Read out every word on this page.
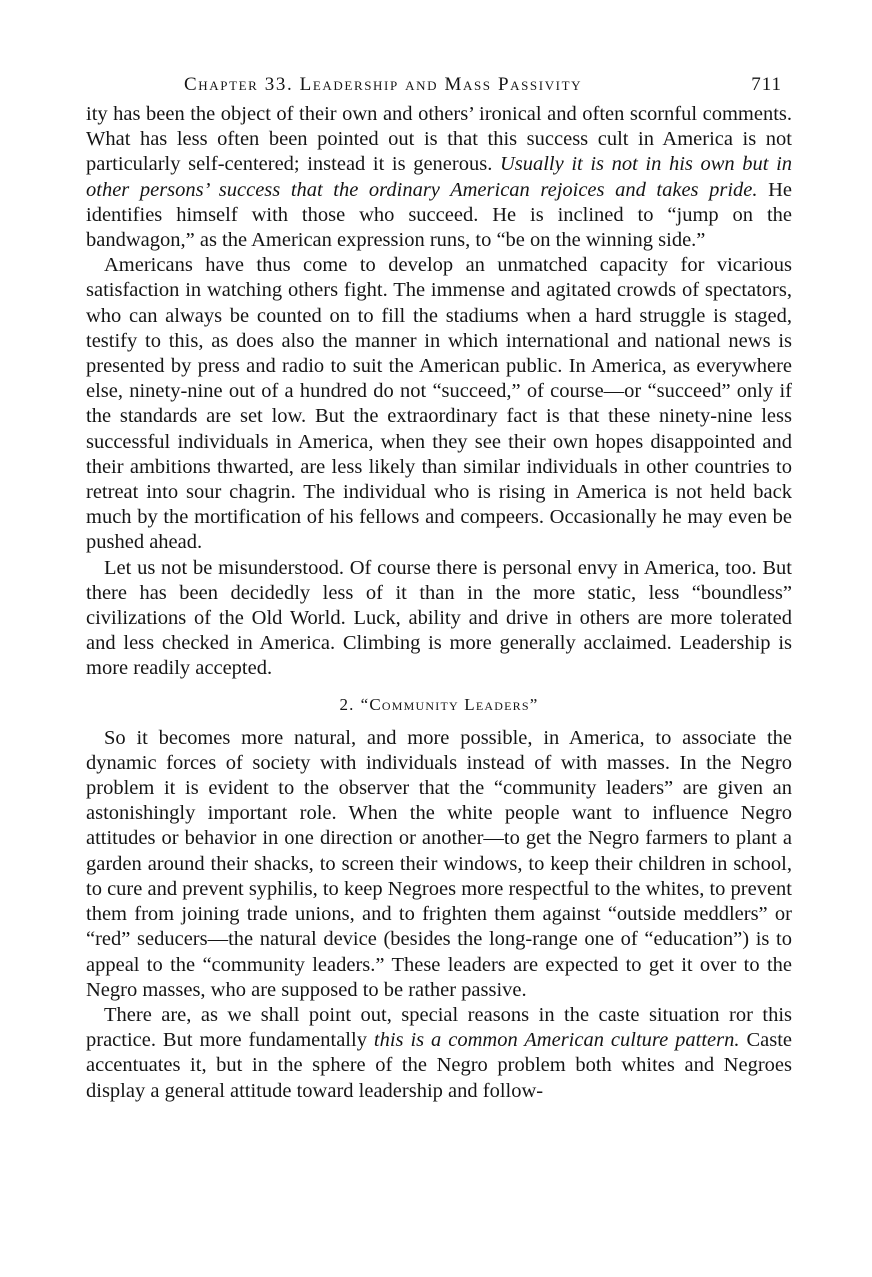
Chapter 33. Leadership and Mass Passivity	711

ity has been the object of their own and others’ ironical and often scornful comments. What has less often been pointed out is that this success cult in America is not particularly self-centered; instead it is generous. Usually it is not in his own but in other persons’ success that the ordinary American rejoices and takes pride. He identifies himself with those who succeed. He is inclined to “jump on the bandwagon,” as the American expression runs, to “be on the winning side.”

Americans have thus come to develop an unmatched capacity for vicarious satisfaction in watching others fight. The immense and agitated crowds of spectators, who can always be counted on to fill the stadiums when a hard struggle is staged, testify to this, as does also the manner in which international and national news is presented by press and radio to suit the American public. In America, as everywhere else, ninety-nine out of a hundred do not “succeed,” of course—or “succeed” only if the standards are set low. But the extraordinary fact is that these ninety-nine less successful individuals in America, when they see their own hopes disappointed and their ambitions thwarted, are less likely than similar individuals in other countries to retreat into sour chagrin. The individual who is rising in America is not held back much by the mortification of his fellows and compeers. Occasionally he may even be pushed ahead.

Let us not be misunderstood. Of course there is personal envy in America, too. But there has been decidedly less of it than in the more static, less “boundless” civilizations of the Old World. Luck, ability and drive in others are more tolerated and less checked in America. Climbing is more generally acclaimed. Leadership is more readily accepted.

2. “Community Leaders”

So it becomes more natural, and more possible, in America, to associate the dynamic forces of society with individuals instead of with masses. In the Negro problem it is evident to the observer that the “community leaders” are given an astonishingly important role. When the white people want to influence Negro attitudes or behavior in one direction or another—to get the Negro farmers to plant a garden around their shacks, to screen their windows, to keep their children in school, to cure and prevent syphilis, to keep Negroes more respectful to the whites, to prevent them from joining trade unions, and to frighten them against “outside meddlers” or “red” seducers—the natural device (besides the long-range one of “education”) is to appeal to the “community leaders.” These leaders are expected to get it over to the Negro masses, who are supposed to be rather passive.

There are, as we shall point out, special reasons in the caste situation ror this practice. But more fundamentally this is a common American culture pattern. Caste accentuates it, but in the sphere of the Negro problem both whites and Negroes display a general attitude toward leadership and follow-
